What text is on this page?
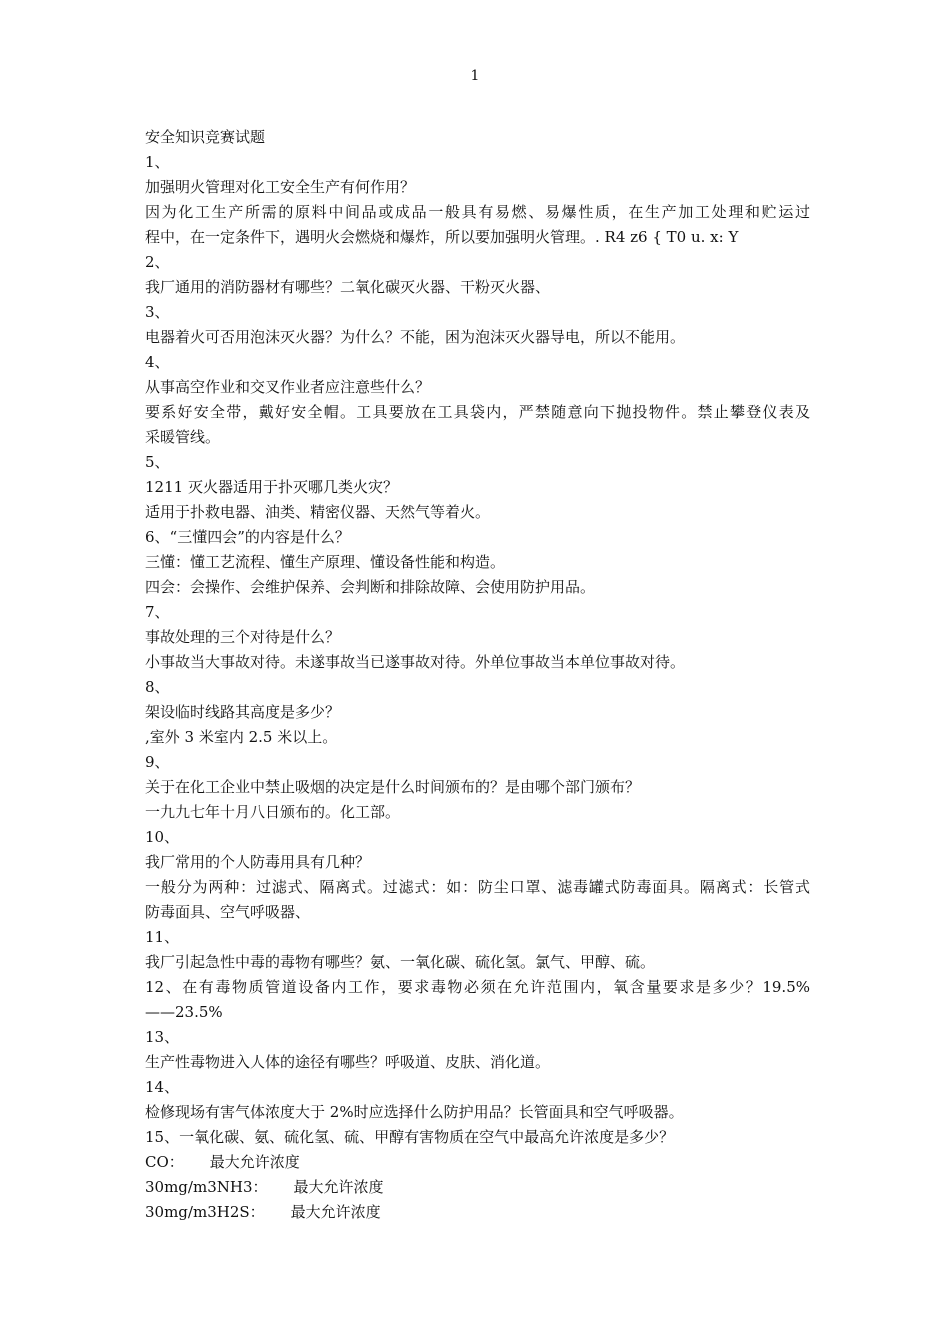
1

安全知识竞赛试题

1、

加强明火管理对化工安全生产有何作用？

因为化工生产所需的原料中间品或成品一般具有易燃、易爆性质，在生产加工处理和贮运过

程中，在一定条件下，遇明火会燃烧和爆炸，所以要加强明火管理。. R4 z6 { T0 u. x: Y

2、

我厂通用的消防器材有哪些？二氧化碳灭火器、干粉灭火器、

3、

电器着火可否用泡沫灭火器？为什么？不能，困为泡沫灭火器导电，所以不能用。

4、

从事高空作业和交叉作业者应注意些什么？

要系好安全带，戴好安全帽。工具要放在工具袋内，严禁随意向下抛投物件。禁止攀登仪表及

采暖管线。

5、

1211 灭火器适用于扑灭哪几类火灾？

适用于扑救电器、油类、精密仪器、天然气等着火。

6、“三懂四会”的内容是什么？

三懂：懂工艺流程、懂生产原理、懂设备性能和构造。

四会：会操作、会维护保养、会判断和排除故障、会使用防护用品。

7、

事故处理的三个对待是什么？

小事故当大事故对待。未遂事故当已遂事故对待。外单位事故当本单位事故对待。

8、

架设临时线路其高度是多少？

,室外 3 米室内 2.5 米以上。

9、

关于在化工企业中禁止吸烟的决定是什么时间颁布的？是由哪个部门颁布？

一九九七年十月八日颁布的。化工部。

10、

我厂常用的个人防毒用具有几种？

一般分为两种：过滤式、隔离式。过滤式：如：防尘口罩、滤毒罐式防毒面具。隔离式：长管式

防毒面具、空气呼吸器、

11、

我厂引起急性中毒的毒物有哪些？氨、一氧化碳、硫化氢。氯气、甲醇、硫。

12、在有毒物质管道设备内工作，要求毒物必须在允许范围内，氧含量要求是多少？19.5%

——23.5%

13、

生产性毒物进入人体的途径有哪些？呼吸道、皮肤、消化道。

14、

检修现场有害气体浓度大于 2%时应选择什么防护用品？长管面具和空气呼吸器。

15、一氧化碳、氨、硫化氢、硫、甲醇有害物质在空气中最高允许浓度是多少？

CO： 最大允许浓度

30mg/m3NH3： 最大允许浓度

30mg/m3H2S： 最大允许浓度
